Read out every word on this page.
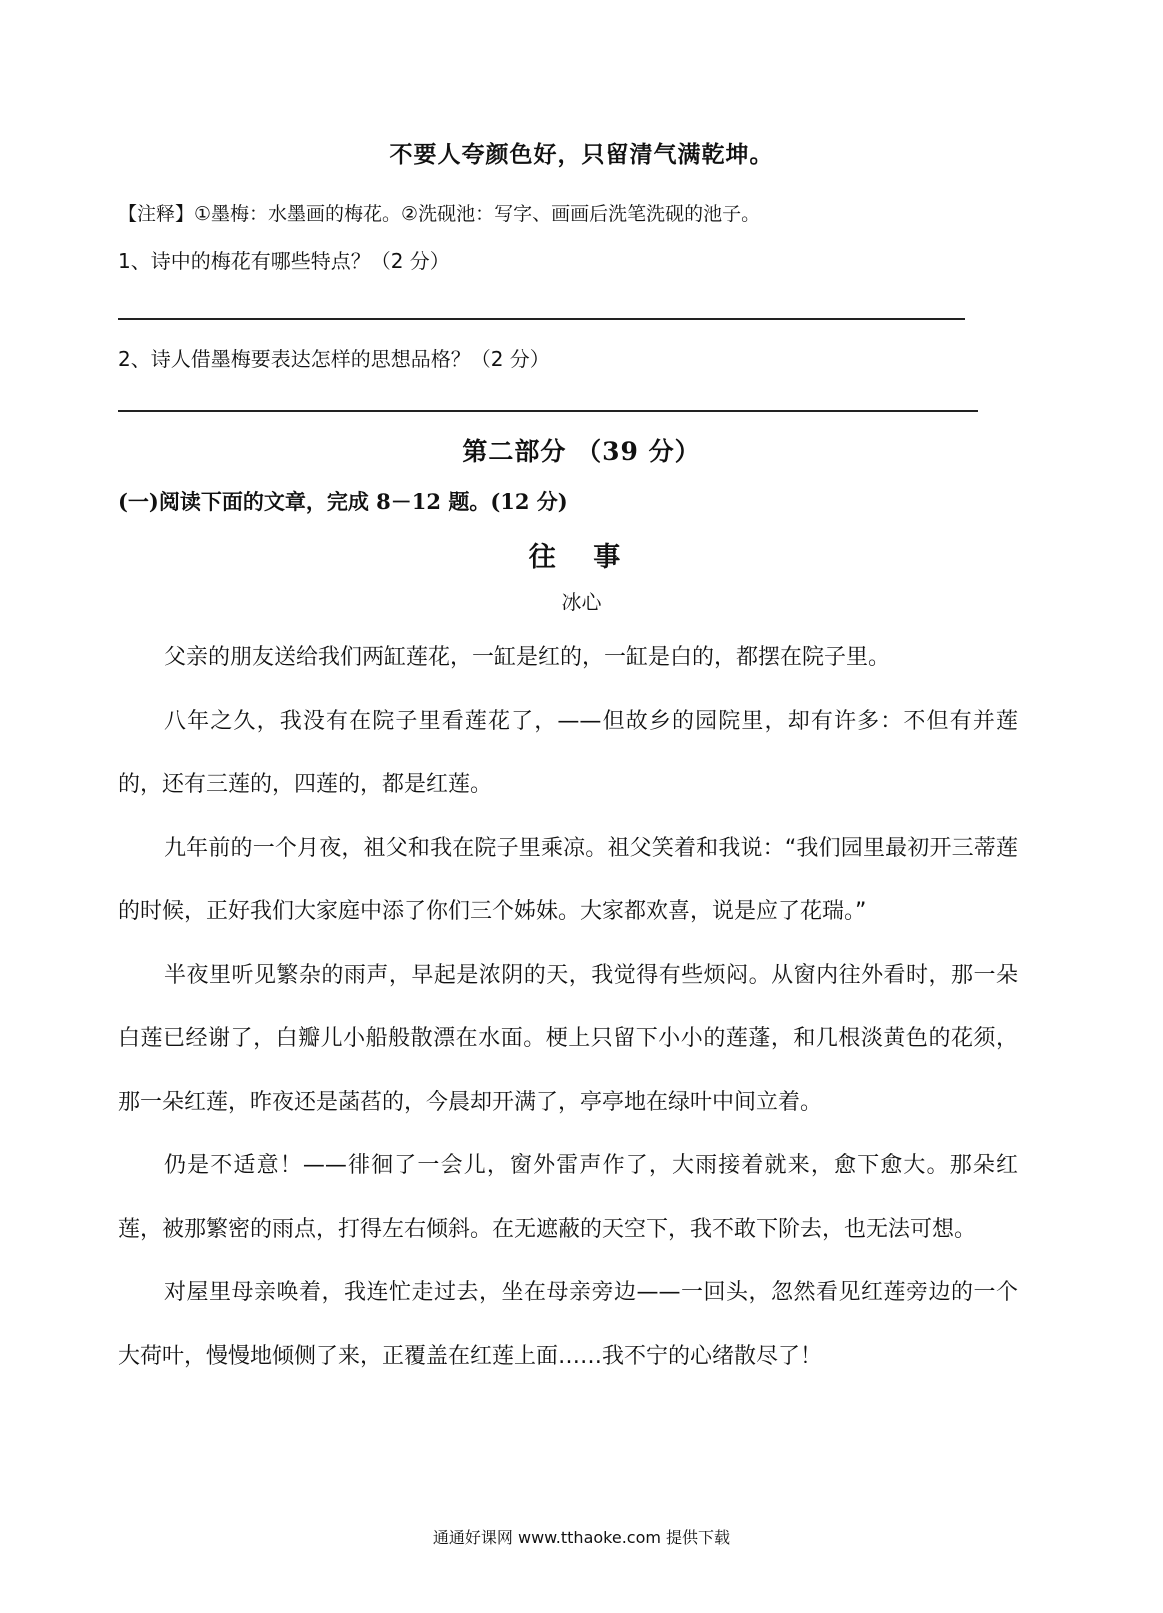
不要人夸颜色好，只留清气满乾坤。
【注释】①墨梅：水墨画的梅花。②洗砚池：写字、画画后洗笔洗砚的池子。
1、诗中的梅花有哪些特点？（2 分）
2、诗人借墨梅要表达怎样的思想品格？（2 分）
第二部分 （39 分）
(一)阅读下面的文章，完成 8－12 题。(12 分)
往 事
冰心

父亲的朋友送给我们两缸莲花，一缸是红的，一缸是白的，都摆在院子里。

八年之久，我没有在院子里看莲花了，——但故乡的园院里，却有许多：不但有并莲的，还有三莲的，四莲的，都是红莲。

九年前的一个月夜，祖父和我在院子里乘凉。祖父笑着和我说：“我们园里最初开三蒂莲的时候，正好我们大家庭中添了你们三个姊妹。大家都欢喜，说是应了花瑞。”

半夜里听见繁杂的雨声，早起是浓阴的天，我觉得有些烦闷。从窗内往外看时，那一朵白莲已经谢了，白瓣儿小船般散漂在水面。梗上只留下小小的莲蓬，和几根淡黄色的花须，那一朵红莲，昨夜还是菡萏的，今晨却开满了，亭亭地在绿叶中间立着。

仍是不适意！——徘徊了一会儿，窗外雷声作了，大雨接着就来，愈下愈大。那朵红莲，被那繁密的雨点，打得左右倾斜。在无遮蔽的天空下，我不敢下阶去，也无法可想。

对屋里母亲唤着，我连忙走过去，坐在母亲旁边——一回头，忽然看见红莲旁边的一个大荷叶，慢慢地倾侧了来，正覆盖在红莲上面……我不宁的心绪散尽了！

通通好课网 www.tthaoke.com 提供下载
